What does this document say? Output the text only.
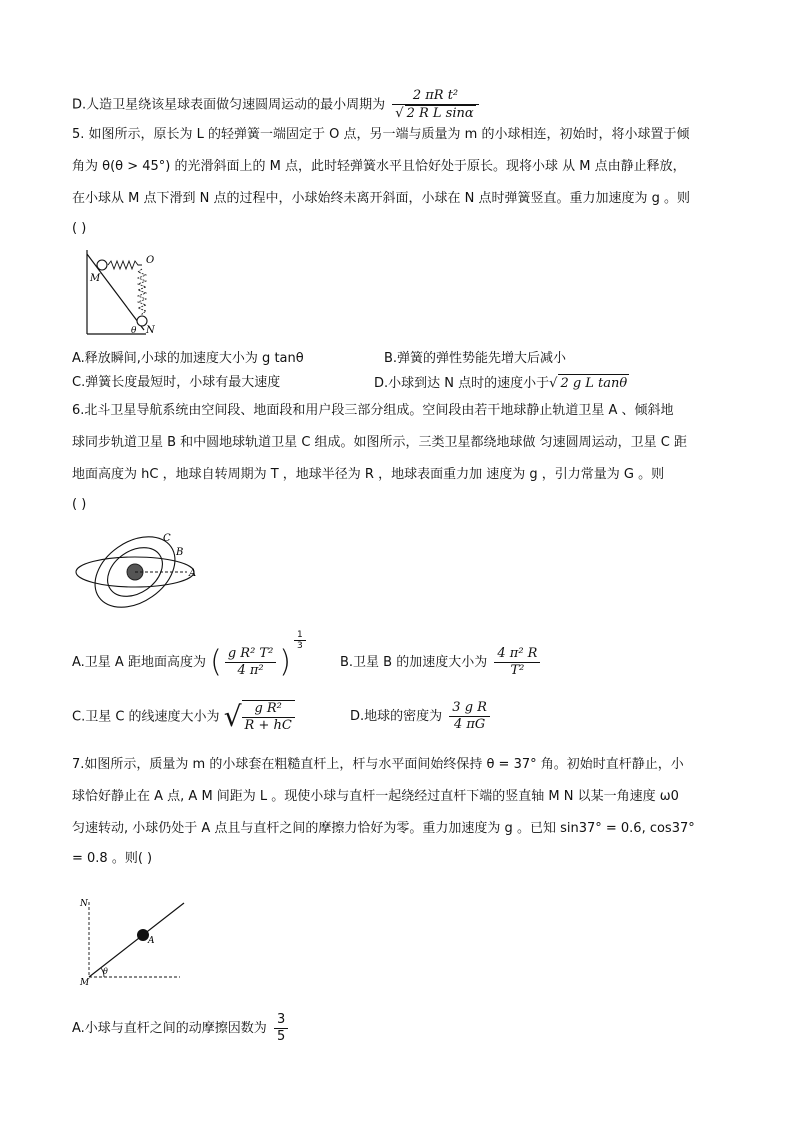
D.人造卫星绕该星球表面做匀速圆周运动的最小周期为 $\frac{\text{2 πR t²}}{\text{√ 2 R L sinα}}$
5. 如图所示，原长为 L 的轻弹簧一端固定于 O 点，另一端与质量为 m 的小球相连，初始时，将小球置于倾
角为 θ(θ > 45°) 的光滑斜面上的 M 点，此时轻弹簧水平且恰好处于原长。现将小球 从 M 点由静止释放，
在小球从 M 点下滑到 N 点的过程中，小球始终未离开斜面，小球在 N 点时弹簧竖直。重力加速度为 g 。则
( )
O
M
N
θ
A.释放瞬间,小球的加速度大小为 g tanθ	B.弹簧的弹性势能先增大后减小
C.弹簧长度最短时，小球有最大速度	D.小球到达 N 点时的速度小于√ 2 g L tanθ
6.北斗卫星导航系统由空间段、地面段和用户段三部分组成。空间段由若干地球静止轨道卫星 A 、倾斜地
球同步轨道卫星 B 和中圆地球轨道卫星 C 组成。如图所示，三类卫星都绕地球做 匀速圆周运动，卫星 C 距
地面高度为 hC ，地球自转周期为 T ，地球半径为 R ，地球表面重力加 速度为 g ，引力常量为 G 。则
( )
A
B
C
A.卫星 A 距地面高度为 ( $\frac{\text{g R² T²}}{\text{4 π²}}$ )
$\frac{1}{3}$
B.卫星 B 的加速度大小为 $\frac{\text{4 π² R}}{\text{T²}}$
C.卫星 C 的线速度大小为 √ $\frac{\text{g R²}}{R + hC}$	D.地球的密度为 $\frac{\text{3 g R}}{4 \pi G}$
7.如图所示，质量为 m 的小球套在粗糙直杆上，杆与水平面间始终保持 θ = 37° 角。初始时直杆静止，小
球恰好静止在 A 点, A M 间距为 L 。现使小球与直杆一起绕经过直杆下端的竖直轴 M N 以某一角速度 ω0
匀速转动, 小球仍处于 A 点且与直杆之间的摩擦力恰好为零。重力加速度为 g 。已知 sin37° = 0.6, cos37°
= 0.8 。则( )
N
A
M
θ
A.小球与直杆之间的动摩擦因数为 $\frac{3}{5}$
